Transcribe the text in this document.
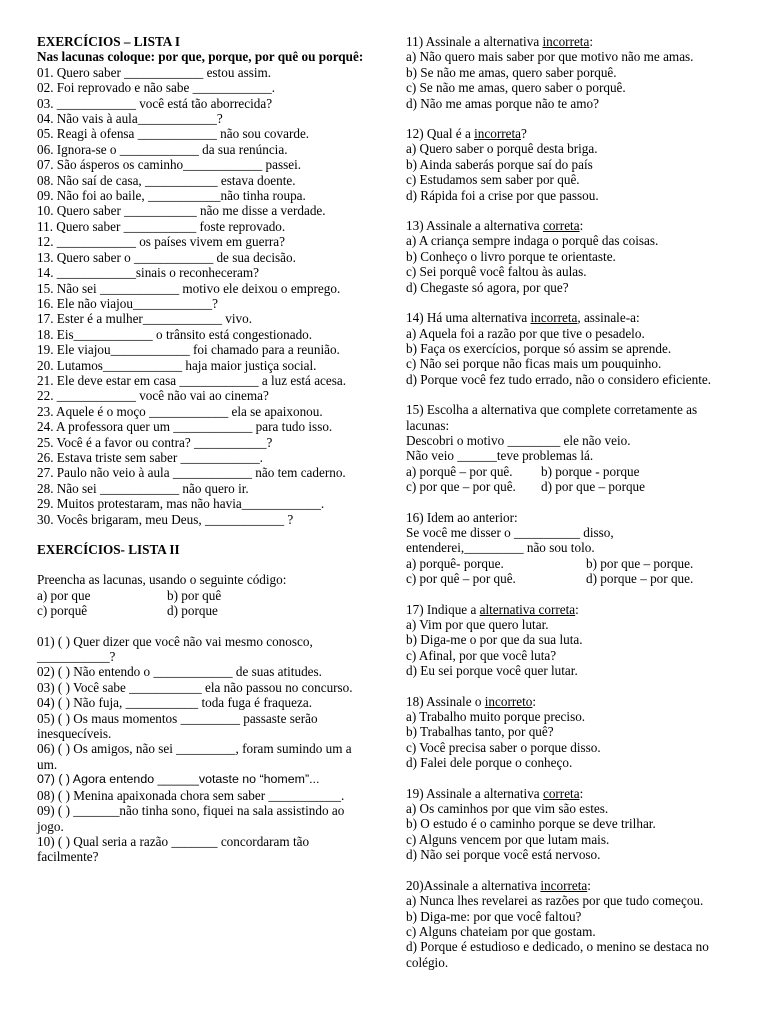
EXERCÍCIOS – LISTA I
Nas lacunas coloque: por que, porque, por quê ou porquê:
01. Quero saber ____________ estou assim.
02. Foi reprovado e não sabe ____________.
03. ____________ você está tão aborrecida?
04. Não vais à aula____________?
05. Reagi à ofensa ____________ não sou covarde.
06. Ignora-se o ____________ da sua renúncia.
07. São ásperos os caminho____________ passei.
08. Não saí de casa, ___________ estava doente.
09. Não foi ao baile, ___________não tinha roupa.
10. Quero saber ___________ não me disse a verdade.
11. Quero saber ___________ foste reprovado.
12. ____________ os países vivem em guerra?
13. Quero saber o ____________ de sua decisão.
14. ____________sinais o reconheceram?
15. Não sei ____________ motivo ele deixou o emprego.
16. Ele não viajou____________?
17. Ester é a mulher____________ vivo.
18. Eis____________ o trânsito está congestionado.
19. Ele viajou____________ foi chamado para a reunião.
20. Lutamos____________ haja maior justiça social.
21. Ele deve estar em casa ____________ a luz está acesa.
22. ____________ você não vai ao cinema?
23. Aquele é o moço ____________ ela se apaixonou.
24. A professora quer um ____________ para tudo isso.
25. Você é a favor ou contra? ___________?
26. Estava triste sem saber ____________.
27. Paulo não veio à aula ____________ não tem caderno.
28. Não sei ____________ não quero ir.
29. Muitos protestaram, mas não havia____________.
30. Vocês brigaram, meu Deus, ____________ ?
EXERCÍCIOS- LISTA II
Preencha as lacunas, usando o seguinte código:
a) por que	b) por quê
c) porquê	d) porque
01) ( ) Quer dizer que você não vai mesmo conosco, ___________?
02) ( ) Não entendo o ____________ de suas atitudes.
03) ( ) Você sabe ___________ ela não passou no concurso.
04) ( ) Não fuja, ___________ toda fuga é fraqueza.
05) ( ) Os maus momentos _________ passaste serão inesquecíveis.
06) ( ) Os amigos, não sei _________, foram sumindo um a um.
07) ( ) Agora entendo ______votaste no “homem”...
08) ( ) Menina apaixonada chora sem saber ___________.
09) ( ) _______não tinha sono, fiquei na sala assistindo ao jogo.
10) ( ) Qual seria a razão _______ concordaram tão facilmente?
11) Assinale a alternativa incorreta:
a) Não quero mais saber por que motivo não me amas.
b) Se não me amas, quero saber porquê.
c) Se não me amas, quero saber o porquê.
d) Não me amas porque não te amo?
12) Qual é a incorreta?
a) Quero saber o porquê desta briga.
b) Ainda saberás porque saí do país
c) Estudamos sem saber por quê.
d) Rápida foi a crise por que passou.
13) Assinale a alternativa correta:
a) A criança sempre indaga o porquê das coisas.
b) Conheço o livro porque te orientaste.
c) Sei porquê você faltou às aulas.
d) Chegaste só agora, por que?
14) Há uma alternativa incorreta, assinale-a:
a) Aquela foi a razão por que tive o pesadelo.
b) Faça os exercícios, porque só assim se aprende.
c) Não sei porque não ficas mais um pouquinho.
d) Porque você fez tudo errado, não o considero eficiente.
15) Escolha a alternativa que complete corretamente as lacunas:
Descobri o motivo ________ ele não veio.
Não veio ______teve problemas lá.
a) porquê – por quê. b) porque - porque
c) por que – por quê. d) por que – porque
16) Idem ao anterior:
Se você me disser o __________ disso,
entenderei,_________ não sou tolo.
a) porquê- porque.	b) por que – porque.
c) por quê – por quê.	d) porque – por que.
17) Indique a alternativa correta:
a) Vim por que quero lutar.
b) Diga-me o por que da sua luta.
c) Afinal, por que você luta?
d) Eu sei porque você quer lutar.
18) Assinale o incorreto:
a) Trabalho muito porque preciso.
b) Trabalhas tanto, por quê?
c) Você precisa saber o porque disso.
d) Falei dele porque o conheço.
19) Assinale a alternativa correta:
a) Os caminhos por que vim são estes.
b) O estudo é o caminho porque se deve trilhar.
c) Alguns vencem por que lutam mais.
d) Não sei porque você está nervoso.
20)Assinale a alternativa incorreta:
a) Nunca lhes revelarei as razões por que tudo começou.
b) Diga-me: por que você faltou?
c) Alguns chateiam por que gostam.
d) Porque é estudioso e dedicado, o menino se destaca no colégio.
